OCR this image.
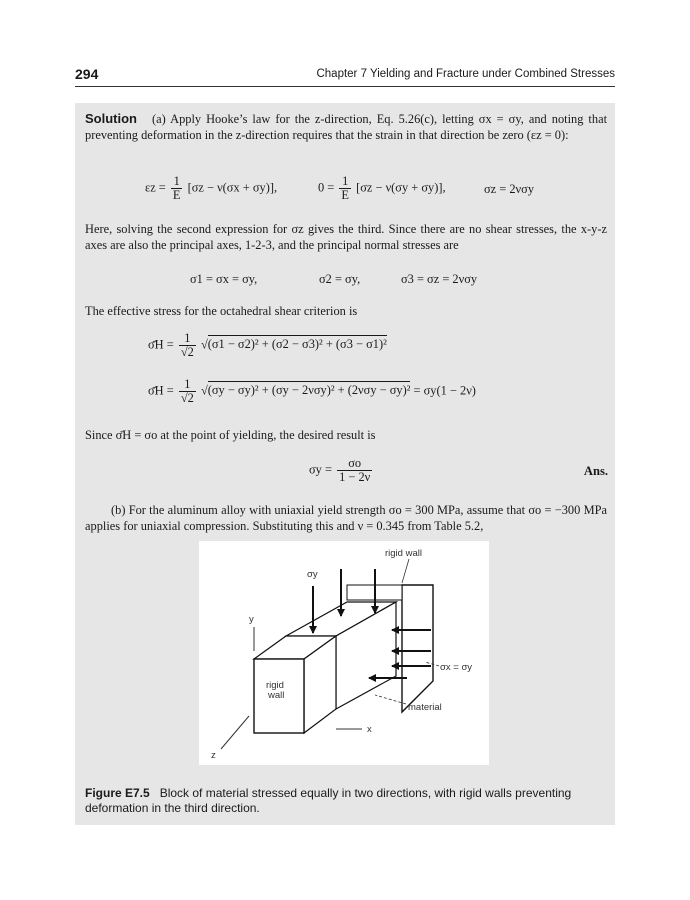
294	Chapter 7 Yielding and Fracture under Combined Stresses
Solution (a) Apply Hooke’s law for the z-direction, Eq. 5.26(c), letting σx = σy, and noting that preventing deformation in the z-direction requires that the strain in that direction be zero (εz = 0):
$\varepsilon z = \frac{1}{E} [\sigma z - \nu(\sigma x + \sigma y)]$,	$0 = \frac{1}{E} [\sigma z - \nu(\sigma y + \sigma y)]$,	σz = 2νσy
Here, solving the second expression for σz gives the third. Since there are no shear stresses, the x-y-z axes are also the principal axes, 1-2-3, and the principal normal stresses are
σ1 = σx = σy,	σ2 = σy,	σ3 = σz = 2νσy
The effective stress for the octahedral shear criterion is
σ̄H = $\frac{1}{√2} √(\sigma 1 - \sigma 2)^2 + (\sigma 2 - \sigma 3)^2 + (\sigma 3 - \sigma 1)^2$
σ̄H = $\frac{1}{√2} √(\sigma y - \sigma y)^2 + (\sigma y - 2\nu\sigma y)^2 + (2\nu\sigma y - \sigma y)^2 = \sigma y(1 - 2\nu)$
Since σ̄H = σo at the point of yielding, the desired result is
$\sigma y = \frac{\sigma o}{1 - 2\nu}$	Ans.
(b) For the aluminum alloy with uniaxial yield strength σo = 300 MPa, assume that σo = −300 MPa applies for uniaxial compression. Substituting this and ν = 0.345 from Table 5.2,
rigid wall
σy
y
σx = σy
rigid
wall
material
x
z
Figure E7.5 Block of material stressed equally in two directions, with rigid walls preventing deformation in the third direction.
